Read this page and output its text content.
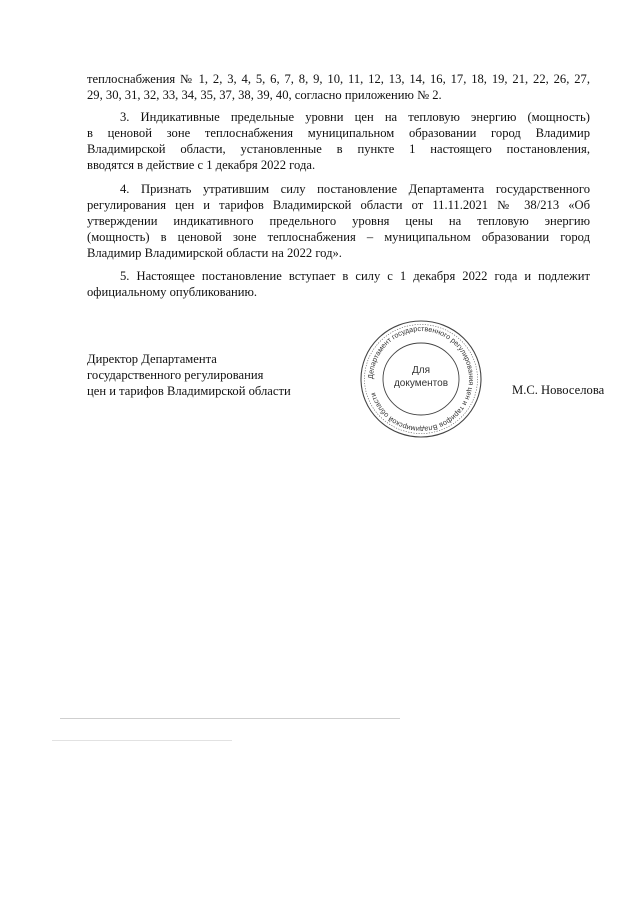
теплоснабжения № 1, 2, 3, 4, 5, 6, 7, 8, 9, 10, 11, 12, 13, 14, 16, 17, 18, 19, 21, 22, 26, 27,
29, 30, 31, 32, 33, 34, 35, 37, 38, 39, 40, согласно приложению № 2.

3. Индикативные предельные уровни цен на тепловую энергию (мощность)
в ценовой зоне теплоснабжения муниципальном образовании город Владимир
Владимирской области, установленные в пункте 1 настоящего постановления,
вводятся в действие с 1 декабря 2022 года.

4. Признать утратившим силу постановление Департамента государственного
регулирования цен и тарифов Владимирской области от 11.11.2021 № 38/213 «Об
утверждении индикативного предельного уровня цены на тепловую энергию
(мощность) в ценовой зоне теплоснабжения – муниципальном образовании город
Владимир Владимирской области на 2022 год».

5. Настоящее постановление вступает в силу с 1 декабря 2022 года и подлежит
официальному опубликованию.

Директор Департамента
государственного регулирования
цен и тарифов Владимирской области
Департамент государственного регулирования цен и тарифов Владимирской области
Для
документов	М.С. Новоселова
